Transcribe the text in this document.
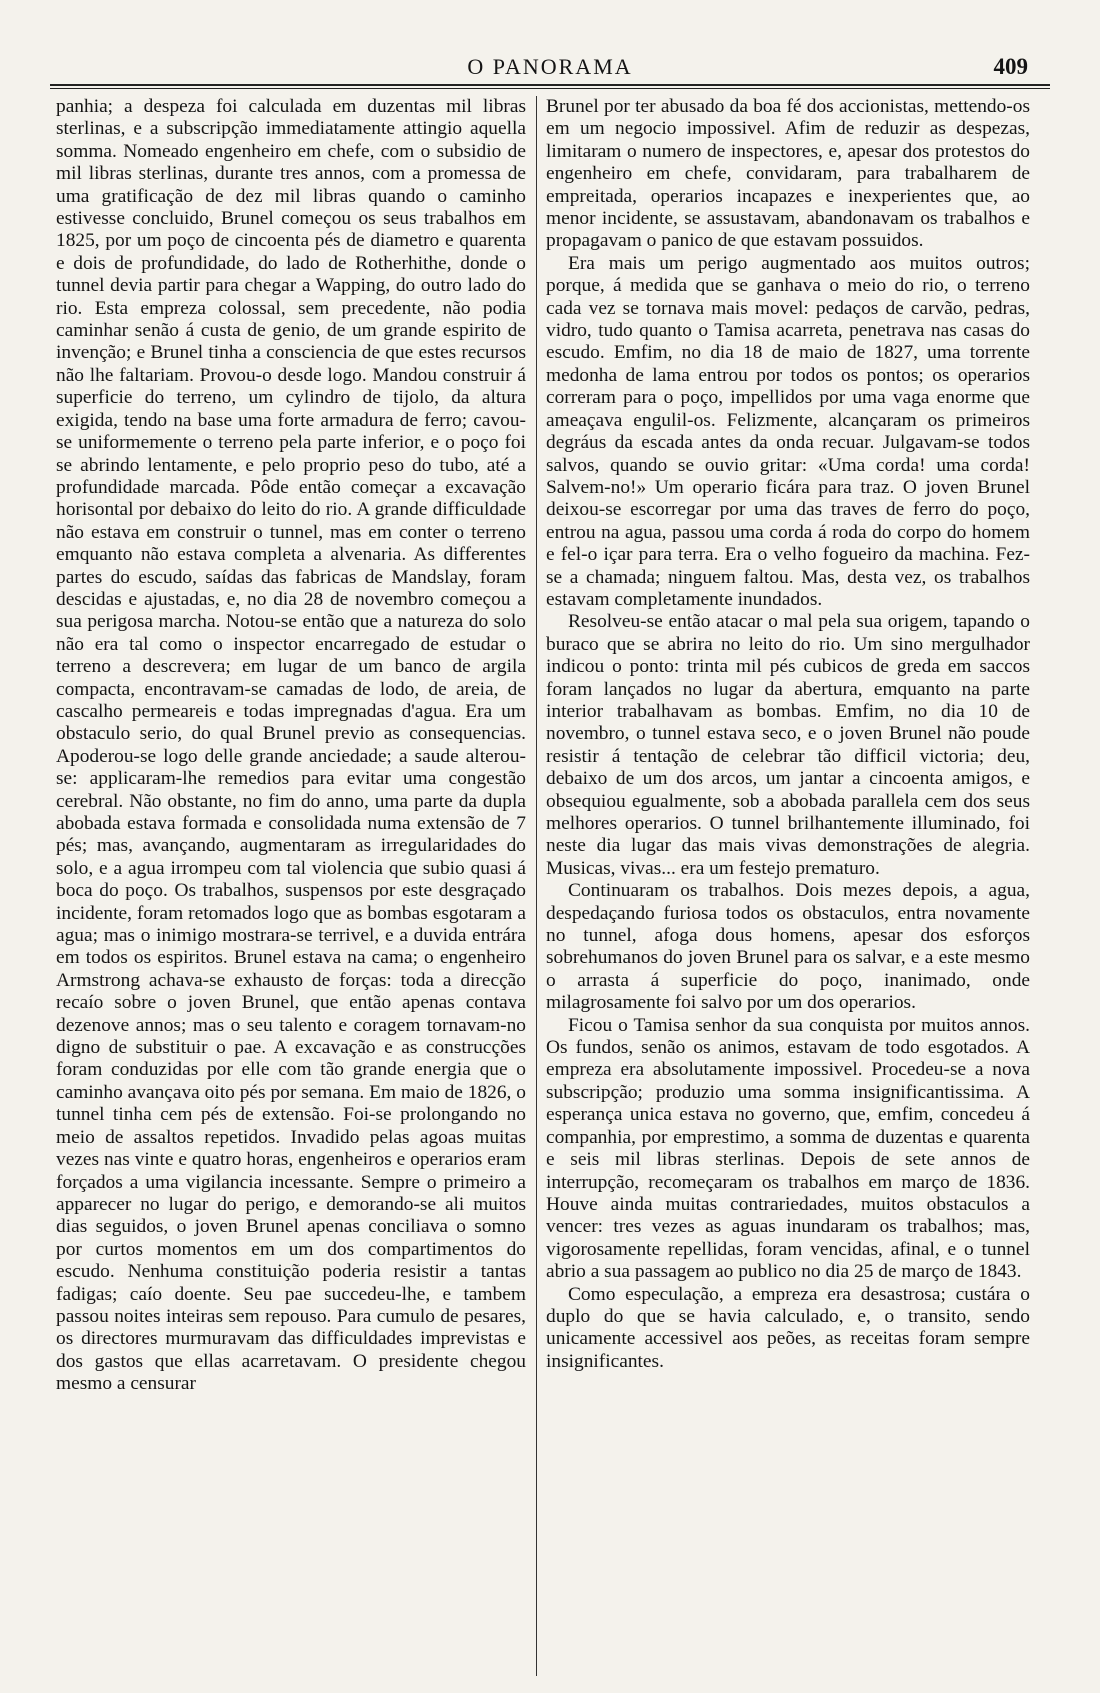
O PANORAMA	409

panhia; a despeza foi calculada em duzentas mil libras sterlinas, e a subscripção immediatamente attingio aquella somma. Nomeado engenheiro em chefe, com o subsidio de mil libras sterlinas, durante tres annos, com a promessa de uma gratificação de dez mil libras quando o caminho estivesse concluido, Brunel começou os seus trabalhos em 1825, por um poço de cincoenta pés de diametro e quarenta e dois de profundidade, do lado de Rotherhithe, donde o tunnel devia partir para chegar a Wapping, do outro lado do rio. Esta empreza colossal, sem precedente, não podia caminhar senão á custa de genio, de um grande espirito de invenção; e Brunel tinha a consciencia de que estes recursos não lhe faltariam. Provou-o desde logo. Mandou construir á superficie do terreno, um cylindro de tijolo, da altura exigida, tendo na base uma forte armadura de ferro; cavou-se uniformemente o terreno pela parte inferior, e o poço foi se abrindo lentamente, e pelo proprio peso do tubo, até a profundidade marcada. Pôde então começar a excavação horisontal por debaixo do leito do rio. A grande difficuldade não estava em construir o tunnel, mas em conter o terreno emquanto não estava completa a alvenaria. As differentes partes do escudo, saídas das fabricas de Mandslay, foram descidas e ajustadas, e, no dia 28 de novembro começou a sua perigosa marcha. Notou-se então que a natureza do solo não era tal como o inspector encarregado de estudar o terreno a descrevera; em lugar de um banco de argila compacta, encontravam-se camadas de lodo, de areia, de cascalho permeareis e todas impregnadas d'agua. Era um obstaculo serio, do qual Brunel previo as consequencias. Apoderou-se logo delle grande anciedade; a saude alterou-se: applicaram-lhe remedios para evitar uma congestão cerebral. Não obstante, no fim do anno, uma parte da dupla abobada estava formada e consolidada numa extensão de 7 pés; mas, avançando, augmentaram as irregularidades do solo, e a agua irrompeu com tal violencia que subio quasi á boca do poço. Os trabalhos, suspensos por este desgraçado incidente, foram retomados logo que as bombas esgotaram a agua; mas o inimigo mostrara-se terrivel, e a duvida entrára em todos os espiritos. Brunel estava na cama; o engenheiro Armstrong achava-se exhausto de forças: toda a direcção recaío sobre o joven Brunel, que então apenas contava dezenove annos; mas o seu talento e coragem tornavam-no digno de substituir o pae. A excavação e as construcções foram conduzidas por elle com tão grande energia que o caminho avançava oito pés por semana. Em maio de 1826, o tunnel tinha cem pés de extensão. Foi-se prolongando no meio de assaltos repetidos. Invadido pelas agoas muitas vezes nas vinte e quatro horas, engenheiros e operarios eram forçados a uma vigilancia incessante. Sempre o primeiro a apparecer no lugar do perigo, e demorando-se ali muitos dias seguidos, o joven Brunel apenas conciliava o somno por curtos momentos em um dos compartimentos do escudo. Nenhuma constituição poderia resistir a tantas fadigas; caío doente. Seu pae succedeu-lhe, e tambem passou noites inteiras sem repouso. Para cumulo de pesares, os directores murmuravam das difficuldades imprevistas e dos gastos que ellas acarretavam. O presidente chegou mesmo a censurar

Brunel por ter abusado da boa fé dos accionistas, mettendo-os em um negocio impossivel. Afim de reduzir as despezas, limitaram o numero de inspectores, e, apesar dos protestos do engenheiro em chefe, convidaram, para trabalharem de empreitada, operarios incapazes e inexperientes que, ao menor incidente, se assustavam, abandonavam os trabalhos e propagavam o panico de que estavam possuidos.

Era mais um perigo augmentado aos muitos outros; porque, á medida que se ganhava o meio do rio, o terreno cada vez se tornava mais movel: pedaços de carvão, pedras, vidro, tudo quanto o Tamisa acarreta, penetrava nas casas do escudo. Emfim, no dia 18 de maio de 1827, uma torrente medonha de lama entrou por todos os pontos; os operarios correram para o poço, impellidos por uma vaga enorme que ameaçava engulil-os. Felizmente, alcançaram os primeiros degráus da escada antes da onda recuar. Julgavam-se todos salvos, quando se ouvio gritar: «Uma corda! uma corda! Salvem-no!» Um operario ficára para traz. O joven Brunel deixou-se escorregar por uma das traves de ferro do poço, entrou na agua, passou uma corda á roda do corpo do homem e fel-o içar para terra. Era o velho fogueiro da machina. Fez-se a chamada; ninguem faltou. Mas, desta vez, os trabalhos estavam completamente inundados.

Resolveu-se então atacar o mal pela sua origem, tapando o buraco que se abrira no leito do rio. Um sino mergulhador indicou o ponto: trinta mil pés cubicos de greda em saccos foram lançados no lugar da abertura, emquanto na parte interior trabalhavam as bombas. Emfim, no dia 10 de novembro, o tunnel estava seco, e o joven Brunel não poude resistir á tentação de celebrar tão difficil victoria; deu, debaixo de um dos arcos, um jantar a cincoenta amigos, e obsequiou egualmente, sob a abobada parallela cem dos seus melhores operarios. O tunnel brilhantemente illuminado, foi neste dia lugar das mais vivas demonstrações de alegria. Musicas, vivas... era um festejo prematuro.

Continuaram os trabalhos. Dois mezes depois, a agua, despedaçando furiosa todos os obstaculos, entra novamente no tunnel, afoga dous homens, apesar dos esforços sobrehumanos do joven Brunel para os salvar, e a este mesmo o arrasta á superficie do poço, inanimado, onde milagrosamente foi salvo por um dos operarios.

Ficou o Tamisa senhor da sua conquista por muitos annos. Os fundos, senão os animos, estavam de todo esgotados. A empreza era absolutamente impossivel. Procedeu-se a nova subscripção; produzio uma somma insignificantissima. A esperança unica estava no governo, que, emfim, concedeu á companhia, por emprestimo, a somma de duzentas e quarenta e seis mil libras sterlinas. Depois de sete annos de interrupção, recomeçaram os trabalhos em março de 1836. Houve ainda muitas contrariedades, muitos obstaculos a vencer: tres vezes as aguas inundaram os trabalhos; mas, vigorosamente repellidas, foram vencidas, afinal, e o tunnel abrio a sua passagem ao publico no dia 25 de março de 1843.

Como especulação, a empreza era desastrosa; custára o duplo do que se havia calculado, e, o transito, sendo unicamente accessivel aos peões, as receitas foram sempre insignificantes.
